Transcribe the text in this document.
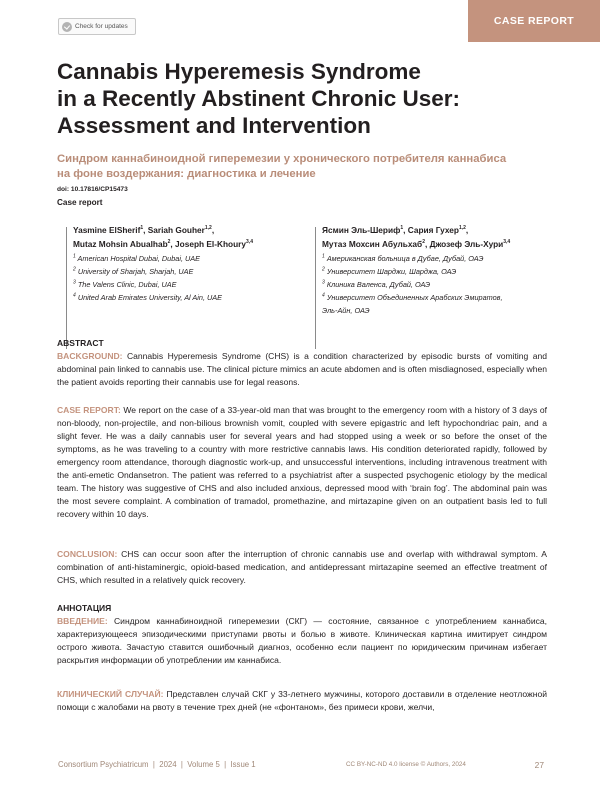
Check for updates	CASE REPORT
Cannabis Hyperemesis Syndrome
in a Recently Abstinent Chronic User:
Assessment and Intervention
Синдром каннабиноидной гиперемезии у хронического потребителя каннабиса
на фоне воздержания: диагностика и лечение
doi: 10.17816/CP15473
Case report
Yasmine ElSherif$^1$, Sariah Gouher$^{1,2}$,
Mutaz Mohsin Abualhab$^2$, Joseph El-Khoury$^{3,4}$

$^1$ American Hospital Dubai, Dubai, UAE

$^2$ University of Sharjah, Sharjah, UAE

$^3$ The Valens Clinic, Dubai, UAE

$^4$ United Arab Emirates University, Al Ain, UAE

Ясмин Эль-Шериф$^1$, Сария Гухер$^{1,2}$,
Мутаз Мохсин Абульхаб$^2$, Джозеф Эль-Хури$^{3,4}$

$^1$ Американская больница в Дубае, Дубай, ОАЭ

$^2$ Университет Шарджи, Шарджа, ОАЭ

$^3$ Клиника Валенса, Дубай, ОАЭ

$^4$ Университет Объединенных Арабских Эмиратов,

Эль-Айн, ОАЭ

ABSTRACT

BACKGROUND: Cannabis Hyperemesis Syndrome (CHS) is a condition characterized by episodic bursts of vomiting and abdominal pain linked to cannabis use. The clinical picture mimics an acute abdomen and is often misdiagnosed, especially when the patient avoids reporting their cannabis use for legal reasons.

CASE REPORT: We report on the case of a 33-year-old man that was brought to the emergency room with a history of 3 days of non-bloody, non-projectile, and non-bilious brownish vomit, coupled with severe epigastric and left hypochondriac pain, and a slight fever. He was a daily cannabis user for several years and had stopped using a week or so before the onset of the symptoms, as he was traveling to a country with more restrictive cannabis laws. His condition deteriorated rapidly, followed by emergency room attendance, thorough diagnostic work-up, and unsuccessful interventions, including intravenous treatment with the anti-emetic Ondansetron. The patient was referred to a psychiatrist after a suspected psychogenic etiology by the medical team. The history was suggestive of CHS and also included anxious, depressed mood with ‘brain fog’. The abdominal pain was the most severe complaint. A combination of tramadol, promethazine, and mirtazapine given on an outpatient basis led to full recovery within 10 days.

CONCLUSION: CHS can occur soon after the interruption of chronic cannabis use and overlap with withdrawal symptom. A combination of anti-histaminergic, opioid-based medication, and antidepressant mirtazapine seemed an effective treatment of CHS, which resulted in a relatively quick recovery.

АННОТАЦИЯ

ВВЕДЕНИЕ: Синдром каннабиноидной гиперемезии (СКГ) — состояние, связанное с употреблением каннабиса, характеризующееся эпизодическими приступами рвоты и болью в животе. Клиническая картина имитирует синдром острого живота. Зачастую ставится ошибочный диагноз, особенно если пациент по юридическим причинам избегает раскрытия информации об употреблении им каннабиса.

КЛИНИЧЕСКИЙ СЛУЧАЙ: Представлен случай СКГ у 33-летнего мужчины, которого доставили в отделение неотложной помощи с жалобами на рвоту в течение трех дней (не «фонтаном», без примеси крови, желчи,

Consortium Psychiatricum  |  2024  |  Volume 5  |  Issue 1	CC BY-NC-ND 4.0 license © Authors, 2024	27
